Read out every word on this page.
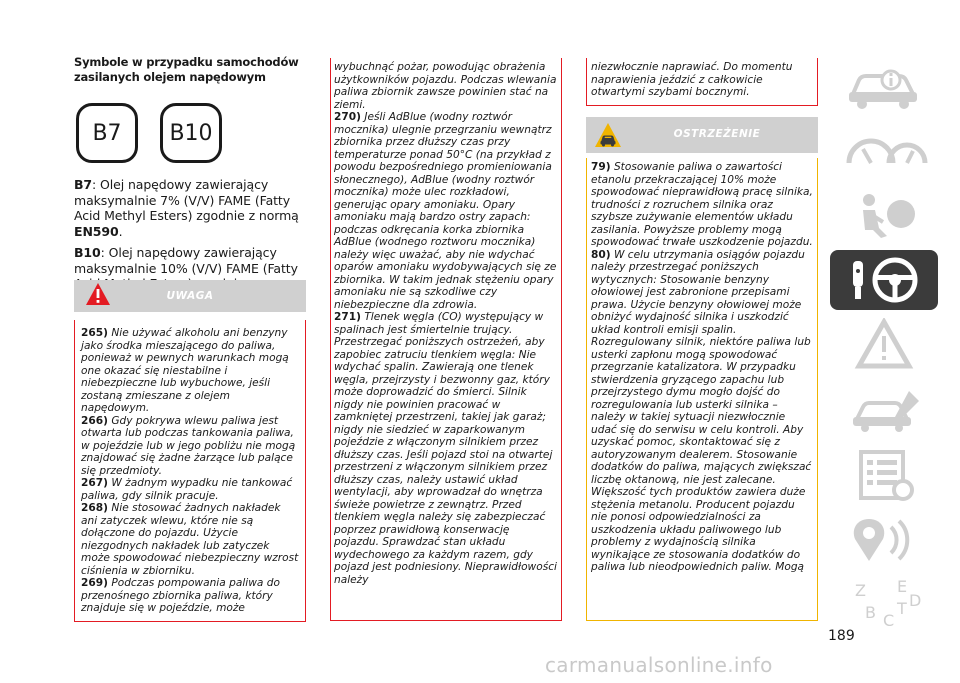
Symbole w przypadku samochodów
zasilanych olejem napędowym
B7	B10
B7: Olej napędowy zawierający maksymalnie 7% (V/V) FAME (Fatty Acid Methyl Esters) zgodnie z normą EN590.
B10: Olej napędowy zawierający maksymalnie 10% (V/V) FAME (Fatty
UWAGA
265) Nie używać alkoholu ani benzyny jako środka mieszającego do paliwa, ponieważ w pewnych warunkach mogą one okazać się niestabilne i niebezpieczne lub wybuchowe, jeśli zostaną zmieszane z olejem napędowym.
266) Gdy pokrywa wlewu paliwa jest otwarta lub podczas tankowania paliwa, w pojeździe lub w jego pobliżu nie mogą znajdować się żadne żarzące lub palące się przedmioty.
267) W żadnym wypadku nie tankować paliwa, gdy silnik pracuje.
268) Nie stosować żadnych nakładek ani zatyczek wlewu, które nie są dołączone do pojazdu. Użycie niezgodnych nakładek lub zatyczek może spowodować niebezpieczny wzrost ciśnienia w zbiorniku.
269) Podczas pompowania paliwa do przenośnego zbiornika paliwa, który znajduje się w pojeździe, może
wybuchnąć pożar, powodując obrażenia użytkowników pojazdu. Podczas wlewania paliwa zbiornik zawsze powinien stać na ziemi.
270) Jeśli AdBlue (wodny roztwór mocznika) ulegnie przegrzaniu wewnątrz zbiornika przez dłuższy czas przy temperaturze ponad 50°C (na przykład z powodu bezpośredniego promieniowania słonecznego), AdBlue (wodny roztwór mocznika) może ulec rozkładowi, generując opary amoniaku. Opary amoniaku mają bardzo ostry zapach: podczas odkręcania korka zbiornika AdBlue (wodnego roztworu mocznika) należy więc uważać, aby nie wdychać oparów amoniaku wydobywających się ze zbiornika. W takim jednak stężeniu opary amoniaku nie są szkodliwe czy niebezpieczne dla zdrowia.
271) Tlenek węgla (CO) występujący w spalinach jest śmiertelnie trujący. Przestrzegać poniższych ostrzeżeń, aby zapobiec zatruciu tlenkiem węgla: Nie wdychać spalin. Zawierają one tlenek węgla, przejrzysty i bezwonny gaz, który może doprowadzić do śmierci. Silnik nigdy nie powinien pracować w zamkniętej przestrzeni, takiej jak garaż; nigdy nie siedzieć w zaparkowanym pojeździe z włączonym silnikiem przez dłuższy czas. Jeśli pojazd stoi na otwartej przestrzeni z włączonym silnikiem przez dłuższy czas, należy ustawić układ wentylacji, aby wprowadzał do wnętrza świeże powietrze z zewnątrz. Przed tlenkiem węgla należy się zabezpieczać poprzez prawidłową konserwację pojazdu. Sprawdzać stan układu wydechowego za każdym razem, gdy pojazd jest podniesiony. Nieprawidłowości należy
niezwłocznie naprawiać. Do momentu naprawienia jeździć z całkowicie otwartymi szybami bocznymi.
OSTRZEŻENIE
79) Stosowanie paliwa o zawartości etanolu przekraczającej 10% może spowodować nieprawidłową pracę silnika, trudności z rozruchem silnika oraz szybsze zużywanie elementów układu zasilania. Powyższe problemy mogą spowodować trwałe uszkodzenie pojazdu.
80) W celu utrzymania osiągów pojazdu należy przestrzegać poniższych wytycznych: Stosowanie benzyny ołowiowej jest zabronione przepisami prawa. Użycie benzyny ołowiowej może obniżyć wydajność silnika i uszkodzić układ kontroli emisji spalin. Rozregulowany silnik, niektóre paliwa lub usterki zapłonu mogą spowodować przegrzanie katalizatora. W przypadku stwierdzenia gryzącego zapachu lub przejrzystego dymu mogło dojść do rozregulowania lub usterki silnika – należy w takiej sytuacji niezwłocznie udać się do serwisu w celu kontroli. Aby uzyskać pomoc, skontaktować się z autoryzowanym dealerem. Stosowanie dodatków do paliwa, mających zwiększać liczbę oktanową, nie jest zalecane. Większość tych produktów zawiera duże stężenia metanolu. Producent pojazdu nie ponosi odpowiedzialności za uszkodzenia układu paliwowego lub problemy z wydajnością silnika wynikające ze stosowania dodatków do paliwa lub nieodpowiednich paliw. Mogą
Z E
B C
T D
189
carmanualsonline.info
